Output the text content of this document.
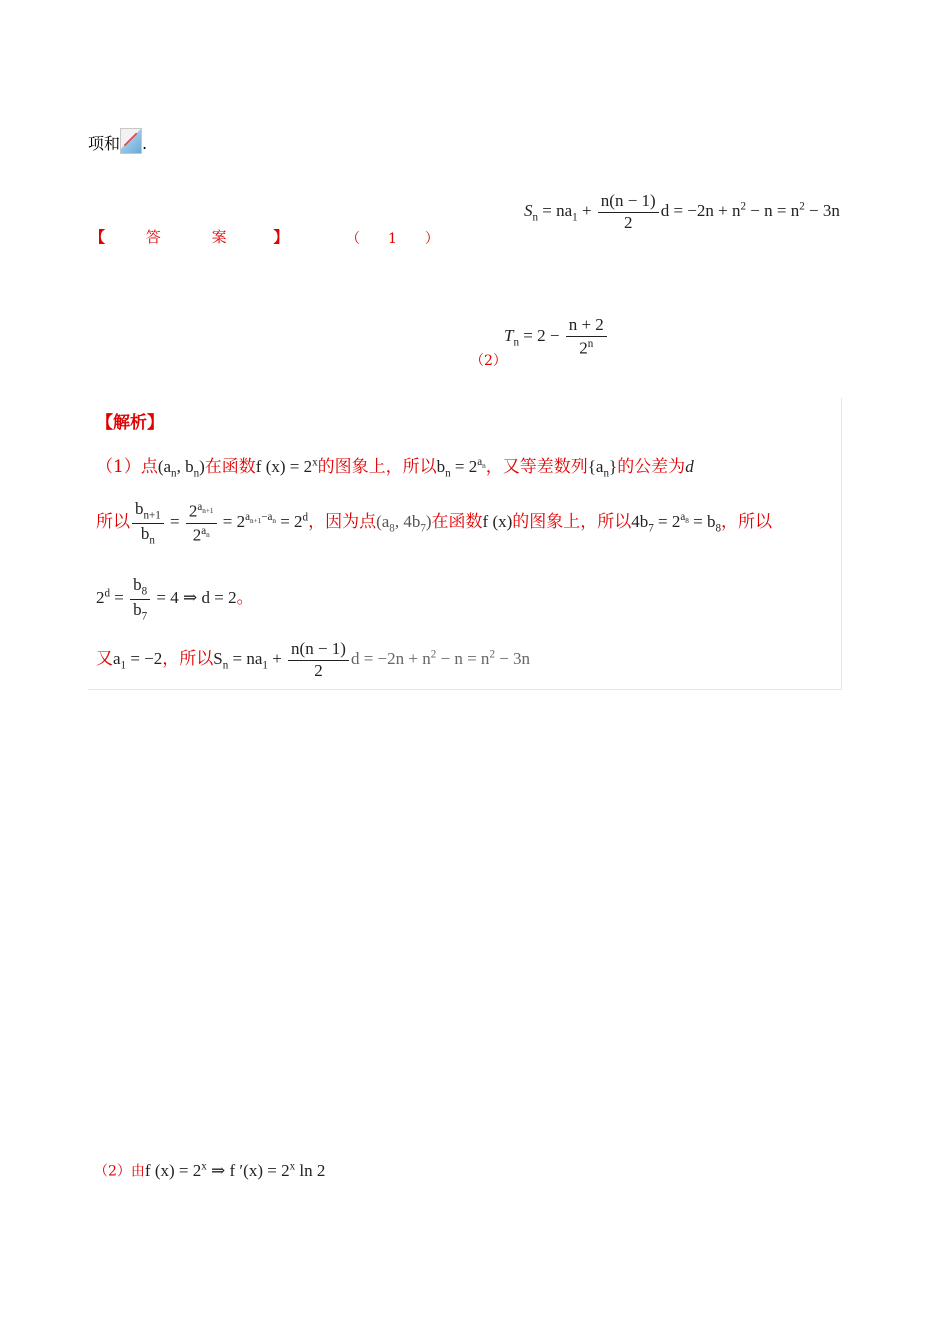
项和 .
【	答	案	】	（　　1　　）
$S_n = na_1 + \frac{n(n - 1)}{2}$ $d = -2n + n^2 - n = n^2 - 3n$
（2）
$T_n = 2 - \frac{n + 2}{2^n}$
【解析】
（1）点($a_n$, $b_n$)在函数f $(x) = 2^x$的图象上，所以$b_n = 2^{a_n}$，又等差数列$\{a_n\}$的公差为d
所以 $\frac{b_{n+1}}{b_n} = \frac{2^{a_{n+1}}}{2^{a_n}} = 2^{a_{n+1}-a_n} = 2^d$，因为点($a_8$, $4b_7$)在函数f (x)的图象上，所以$4b_7 = 2^{a_8} = b_8$，所以
$2^d = \frac{b_8}{b_7} = 4$ ⇒ d = 2。
又$a_1 = -2$，所以$S_n = na_1 + \frac{n(n - 1)}{2}$ $d = -2n + n^2 - n = n^2 - 3n$
（2）由f $(x) = 2^x$ ⇒ f $'(x) = 2^x$ ln 2
